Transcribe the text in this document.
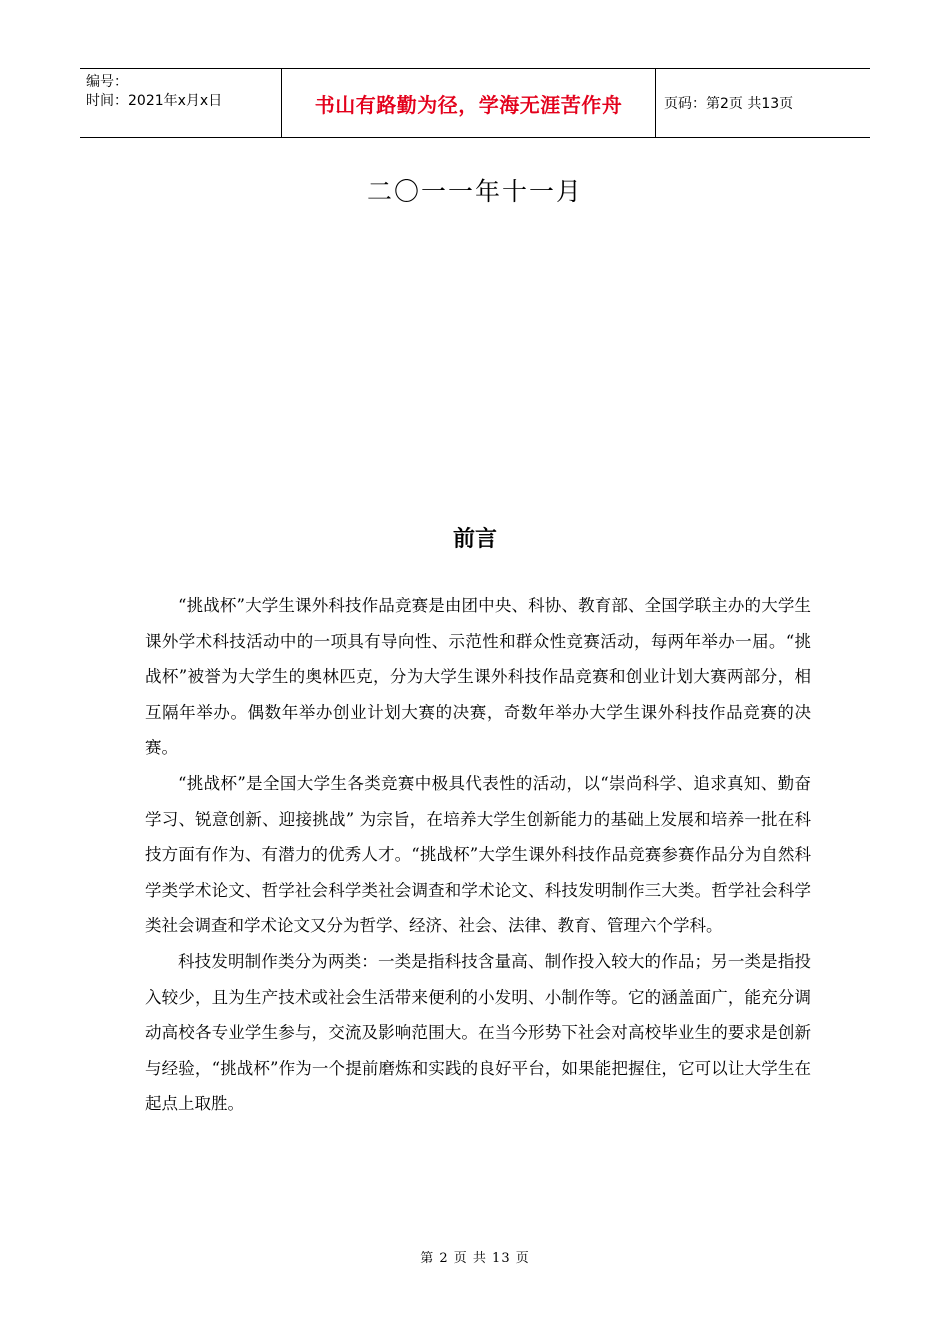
编号：
时间：2021年x月x日	书山有路勤为径，学海无涯苦作舟	页码：第2页 共13页
二〇一一年十一月
前言

“挑战杯”大学生课外科技作品竞赛是由团中央、科协、教育部、全国学联主办的大学生课外学术科技活动中的一项具有导向性、示范性和群众性竞赛活动，每两年举办一届。“挑战杯”被誉为大学生的奥林匹克，分为大学生课外科技作品竞赛和创业计划大赛两部分，相互隔年举办。偶数年举办创业计划大赛的决赛，奇数年举办大学生课外科技作品竞赛的决赛。

“挑战杯”是全国大学生各类竞赛中极具代表性的活动，以“崇尚科学、追求真知、勤奋学习、锐意创新、迎接挑战” 为宗旨，在培养大学生创新能力的基础上发展和培养一批在科技方面有作为、有潜力的优秀人才。“挑战杯”大学生课外科技作品竞赛参赛作品分为自然科学类学术论文、哲学社会科学类社会调查和学术论文、科技发明制作三大类。哲学社会科学类社会调查和学术论文又分为哲学、经济、社会、法律、教育、管理六个学科。

科技发明制作类分为两类：一类是指科技含量高、制作投入较大的作品；另一类是指投入较少，且为生产技术或社会生活带来便利的小发明、小制作等。它的涵盖面广，能充分调动高校各专业学生参与，交流及影响范围大。在当今形势下社会对高校毕业生的要求是创新与经验，“挑战杯”作为一个提前磨炼和实践的良好平台，如果能把握住，它可以让大学生在起点上取胜。

第 2 页 共 13 页
